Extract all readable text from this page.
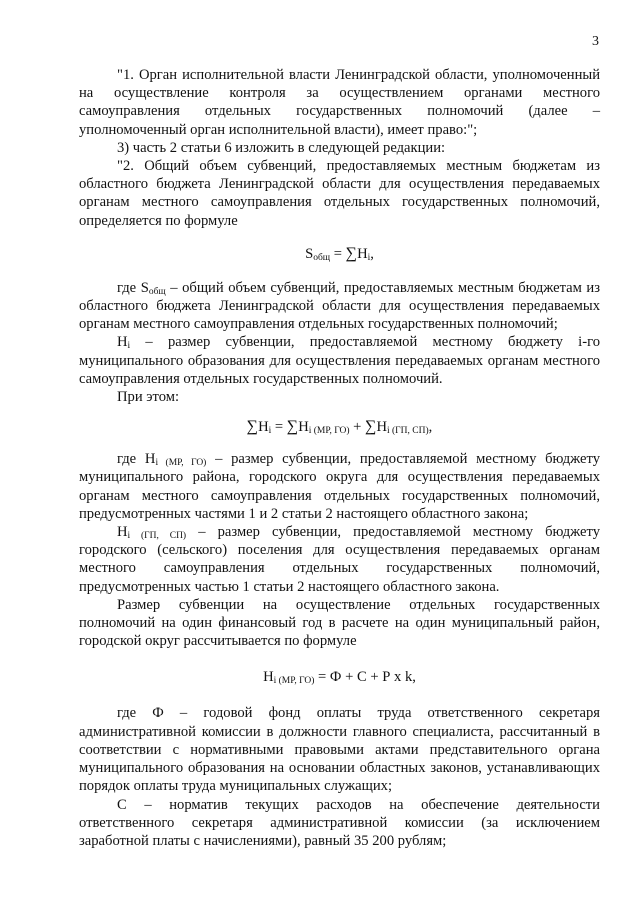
3

"1. Орган исполнительной власти Ленинградской области, уполномоченный на осуществление контроля за осуществлением органами местного самоуправления отдельных государственных полномочий (далее – уполномоченный орган исполнительной власти), имеет право:";

3) часть 2 статьи 6 изложить в следующей редакции:

"2. Общий объем субвенций, предоставляемых местным бюджетам из областного бюджета Ленинградской области для осуществления передаваемых органам местного самоуправления отдельных государственных полномочий, определяется по формуле

$S_{общ} = \sum H_i$,

где $S_{общ}$ – общий объем субвенций, предоставляемых местным бюджетам из областного бюджета Ленинградской области для осуществления передаваемых органам местного самоуправления отдельных государственных полномочий;

$H_i$ – размер субвенции, предоставляемой местному бюджету i-го муниципального образования для осуществления передаваемых органам местного самоуправления отдельных государственных полномочий.

При этом:

$\sum H_i = \sum H_{i (МР, ГО)} + \sum H_{i (ГП, СП)}$,

где $H_{i (МР, ГО)}$ – размер субвенции, предоставляемой местному бюджету муниципального района, городского округа для осуществления передаваемых органам местного самоуправления отдельных государственных полномочий, предусмотренных частями 1 и 2 статьи 2 настоящего областного закона;

$H_{i (ГП, СП)}$ – размер субвенции, предоставляемой местному бюджету городского (сельского) поселения для осуществления передаваемых органам местного самоуправления отдельных государственных полномочий, предусмотренных частью 1 статьи 2 настоящего областного закона.

Размер субвенции на осуществление отдельных государственных полномочий на один финансовый год в расчете на один муниципальный район, городской округ рассчитывается по формуле

$H_{i (МР, ГО)} = Ф + С + Р$ х k,

где Ф – годовой фонд оплаты труда ответственного секретаря административной комиссии в должности главного специалиста, рассчитанный в соответствии с нормативными правовыми актами представительного органа муниципального образования на основании областных законов, устанавливающих порядок оплаты труда муниципальных служащих;

С – норматив текущих расходов на обеспечение деятельности ответственного секретаря административной комиссии (за исключением заработной платы с начислениями), равный 35 200 рублям;
